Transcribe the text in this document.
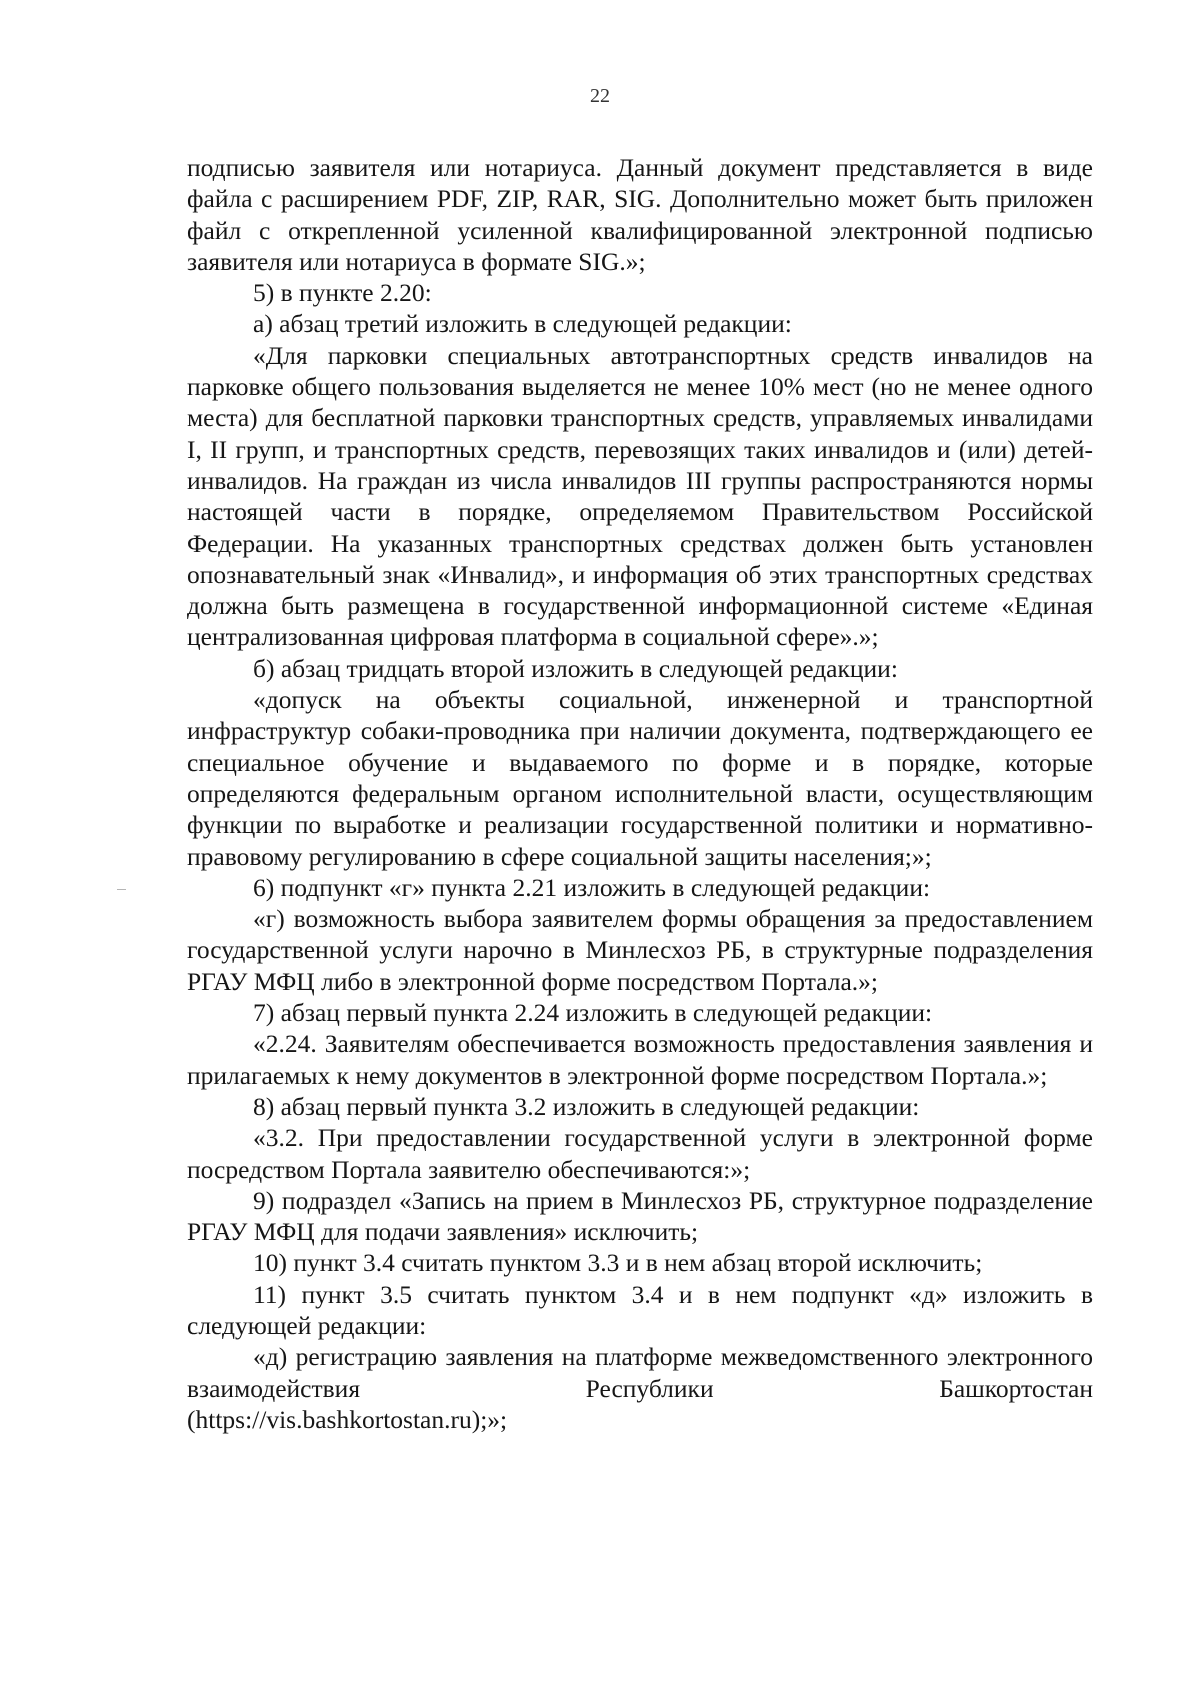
22

подписью заявителя или нотариуса. Данный документ представляется в виде файла с расширением PDF, ZIP, RAR, SIG. Дополнительно может быть приложен файл с открепленной усиленной квалифицированной электронной подписью заявителя или нотариуса в формате SIG.»;

5) в пункте 2.20:

а) абзац третий изложить в следующей редакции:

«Для парковки специальных автотранспортных средств инвалидов на парковке общего пользования выделяется не менее 10% мест (но не менее одного места) для бесплатной парковки транспортных средств, управляемых инвалидами I, II групп, и транспортных средств, перевозящих таких инвалидов и (или) детей-инвалидов. На граждан из числа инвалидов III группы распространяются нормы настоящей части в порядке, определяемом Правительством Российской Федерации. На указанных транспортных средствах должен быть установлен опознавательный знак «Инвалид», и информация об этих транспортных средствах должна быть размещена в государственной информационной системе «Единая централизованная цифровая платформа в социальной сфере».»;

б) абзац тридцать второй изложить в следующей редакции:

«допуск на объекты социальной, инженерной и транспортной инфраструктур собаки-проводника при наличии документа, подтверждающего ее специальное обучение и выдаваемого по форме и в порядке, которые определяются федеральным органом исполнительной власти, осуществляющим функции по выработке и реализации государственной политики и нормативно-правовому регулированию в сфере социальной защиты населения;»;

6) подпункт «г» пункта 2.21 изложить в следующей редакции:

«г) возможность выбора заявителем формы обращения за предоставлением государственной услуги нарочно в Минлесхоз РБ, в структурные подразделения РГАУ МФЦ либо в электронной форме посредством Портала.»;

7) абзац первый пункта 2.24 изложить в следующей редакции:

«2.24. Заявителям обеспечивается возможность предоставления заявления и прилагаемых к нему документов в электронной форме посредством Портала.»;

8) абзац первый пункта 3.2 изложить в следующей редакции:

«3.2. При предоставлении государственной услуги в электронной форме посредством Портала заявителю обеспечиваются:»;

9) подраздел «Запись на прием в Минлесхоз РБ, структурное подразделение РГАУ МФЦ для подачи заявления» исключить;

10) пункт 3.4 считать пунктом 3.3 и в нем абзац второй исключить;

11) пункт 3.5 считать пунктом 3.4 и в нем подпункт «д» изложить в следующей редакции:

«д) регистрацию заявления на платформе межведомственного электронного взаимодействия Республики Башкортостан

(https://vis.bashkortostan.ru);»;
